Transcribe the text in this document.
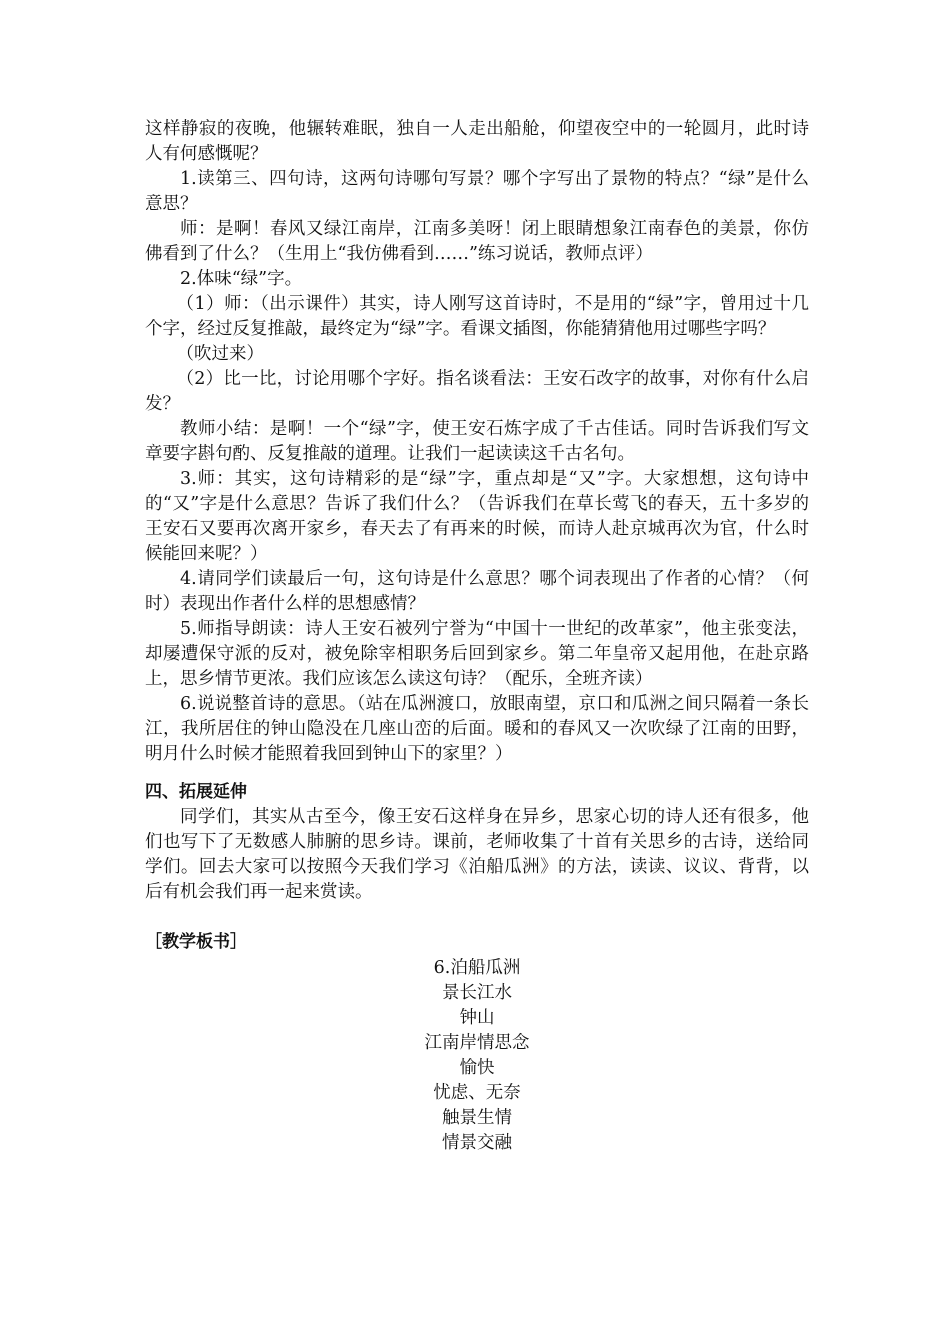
这样静寂的夜晚，他辗转难眠，独自一人走出船舱，仰望夜空中的一轮圆月，此时诗人有何感慨呢？

1.读第三、四句诗，这两句诗哪句写景？哪个字写出了景物的特点？“绿”是什么意思？

师：是啊！春风又绿江南岸，江南多美呀！闭上眼睛想象江南春色的美景，你仿佛看到了什么？（生用上“我仿佛看到……”练习说话，教师点评）

2.体味“绿”字。

（1）师：（出示课件）其实，诗人刚写这首诗时，不是用的“绿”字，曾用过十几个字，经过反复推敲，最终定为“绿”字。看课文插图，你能猜猜他用过哪些字吗？

（吹过来）

（2）比一比，讨论用哪个字好。指名谈看法：王安石改字的故事，对你有什么启发？

教师小结：是啊！一个“绿”字，使王安石炼字成了千古佳话。同时告诉我们写文章要字斟句酌、反复推敲的道理。让我们一起读读这千古名句。

3.师：其实，这句诗精彩的是“绿”字，重点却是“又”字。大家想想，这句诗中的“又”字是什么意思？告诉了我们什么？（告诉我们在草长莺飞的春天，五十多岁的王安石又要再次离开家乡，春天去了有再来的时候，而诗人赴京城再次为官，什么时候能回来呢？）

4.请同学们读最后一句，这句诗是什么意思？哪个词表现出了作者的心情？（何时）表现出作者什么样的思想感情？

5.师指导朗读：诗人王安石被列宁誉为“中国十一世纪的改革家”，他主张变法，却屡遭保守派的反对，被免除宰相职务后回到家乡。第二年皇帝又起用他，在赴京路上，思乡情节更浓。我们应该怎么读这句诗？（配乐，全班齐读）

6.说说整首诗的意思。（站在瓜洲渡口，放眼南望，京口和瓜洲之间只隔着一条长江，我所居住的钟山隐没在几座山峦的后面。暖和的春风又一次吹绿了江南的田野，明月什么时候才能照着我回到钟山下的家里？）

四、拓展延伸

同学们，其实从古至今，像王安石这样身在异乡，思家心切的诗人还有很多，他们也写下了无数感人肺腑的思乡诗。课前，老师收集了十首有关思乡的古诗，送给同学们。回去大家可以按照今天我们学习《泊船瓜洲》的方法，读读、议议、背背，以后有机会我们再一起来赏读。

［教学板书］

6.泊船瓜洲
景长江水
钟山
江南岸情思念
愉快
忧虑、无奈
触景生情
情景交融
